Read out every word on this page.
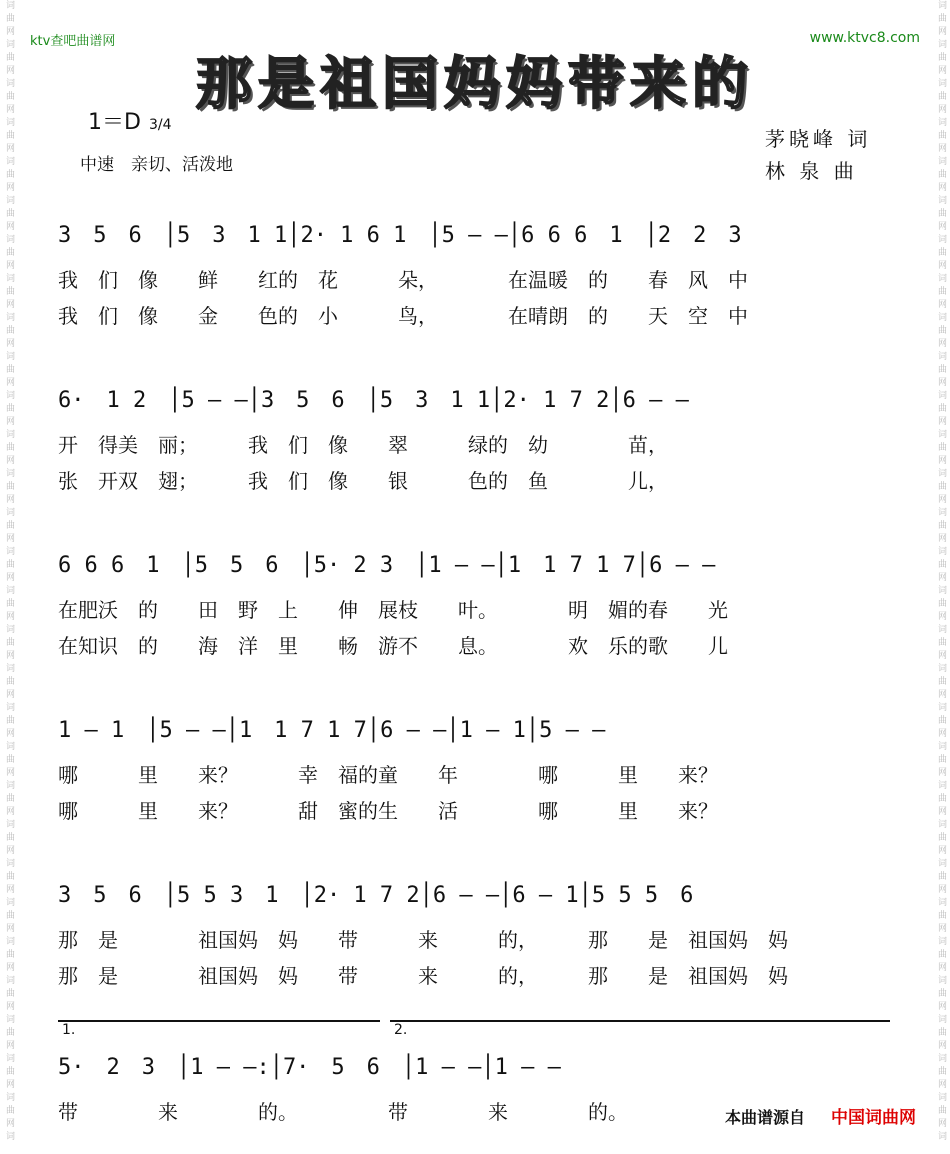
词曲网词曲网词曲网词曲网词曲网词曲网词曲网词曲网词曲网词曲网词曲网词曲网词曲网词曲网词曲网词曲网词曲网词曲网词曲网词曲网词曲网词曲网词曲网词曲网词曲网词曲网词曲网词曲网词曲网词
词曲网词曲网词曲网词曲网词曲网词曲网词曲网词曲网词曲网词曲网词曲网词曲网词曲网词曲网词曲网词曲网词曲网词曲网词曲网词曲网词曲网词曲网词曲网词曲网词曲网词曲网词曲网词曲网词曲网词
ktv查吧曲谱网	www.ktvc8.com
那是祖国妈妈带来的
1＝D 3/4
中速　亲切、活泼地
茅晓峰 词
林 泉 曲
3　5　6　│5　3　1 1│2· 1 6 1　│5 — —│6 6 6　1　│2　2　3
我　们　像　　鲜　　红的　花　　　朵，　　　　在温暖　的　　春　风　中
我　们　像　　金　　色的　小　　　鸟，　　　　在晴朗　的　　天　空　中
6·　1 2　│5 — —│3　5　6　│5　3　1 1│2· 1 7 2│6 — —
开　得美　丽；　　　我　们　像　　翠　　　绿的　幼　　　　苗，
张　开双　翅；　　　我　们　像　　银　　　色的　鱼　　　　儿，
6 6 6　1　│5　5　6　│5· 2 3　│1 — —│1　1 7 1 7│6 — —
在肥沃　的　　田　野　上　　伸　展枝　　叶。　　　　明　媚的春　　光
在知识　的　　海　洋　里　　畅　游不　　息。　　　　欢　乐的歌　　儿
1 — 1　│5 — —│1　1 7 1 7│6 — —│1 — 1│5 — —
哪　　　里　　来？　　　幸　福的童　　年　　　　哪　　　里　　来？
哪　　　里　　来？　　　甜　蜜的生　　活　　　　哪　　　里　　来？
3　5　6　│5 5 3　1　│2· 1 7 2│6 — —│6 — 1│5 5 5　6
那　是　　　　祖国妈　妈　　带　　　来　　　的，　　　那　　是　祖国妈　妈
那　是　　　　祖国妈　妈　　带　　　来　　　的，　　　那　　是　祖国妈　妈
5·　2　3　│1 — —:│7·　5　6　│1 — —│1 — —
带　　　　来　　　　的。　　　　　带　　　　来　　　　的。
1.	2.
本曲谱源自 中国词曲网
